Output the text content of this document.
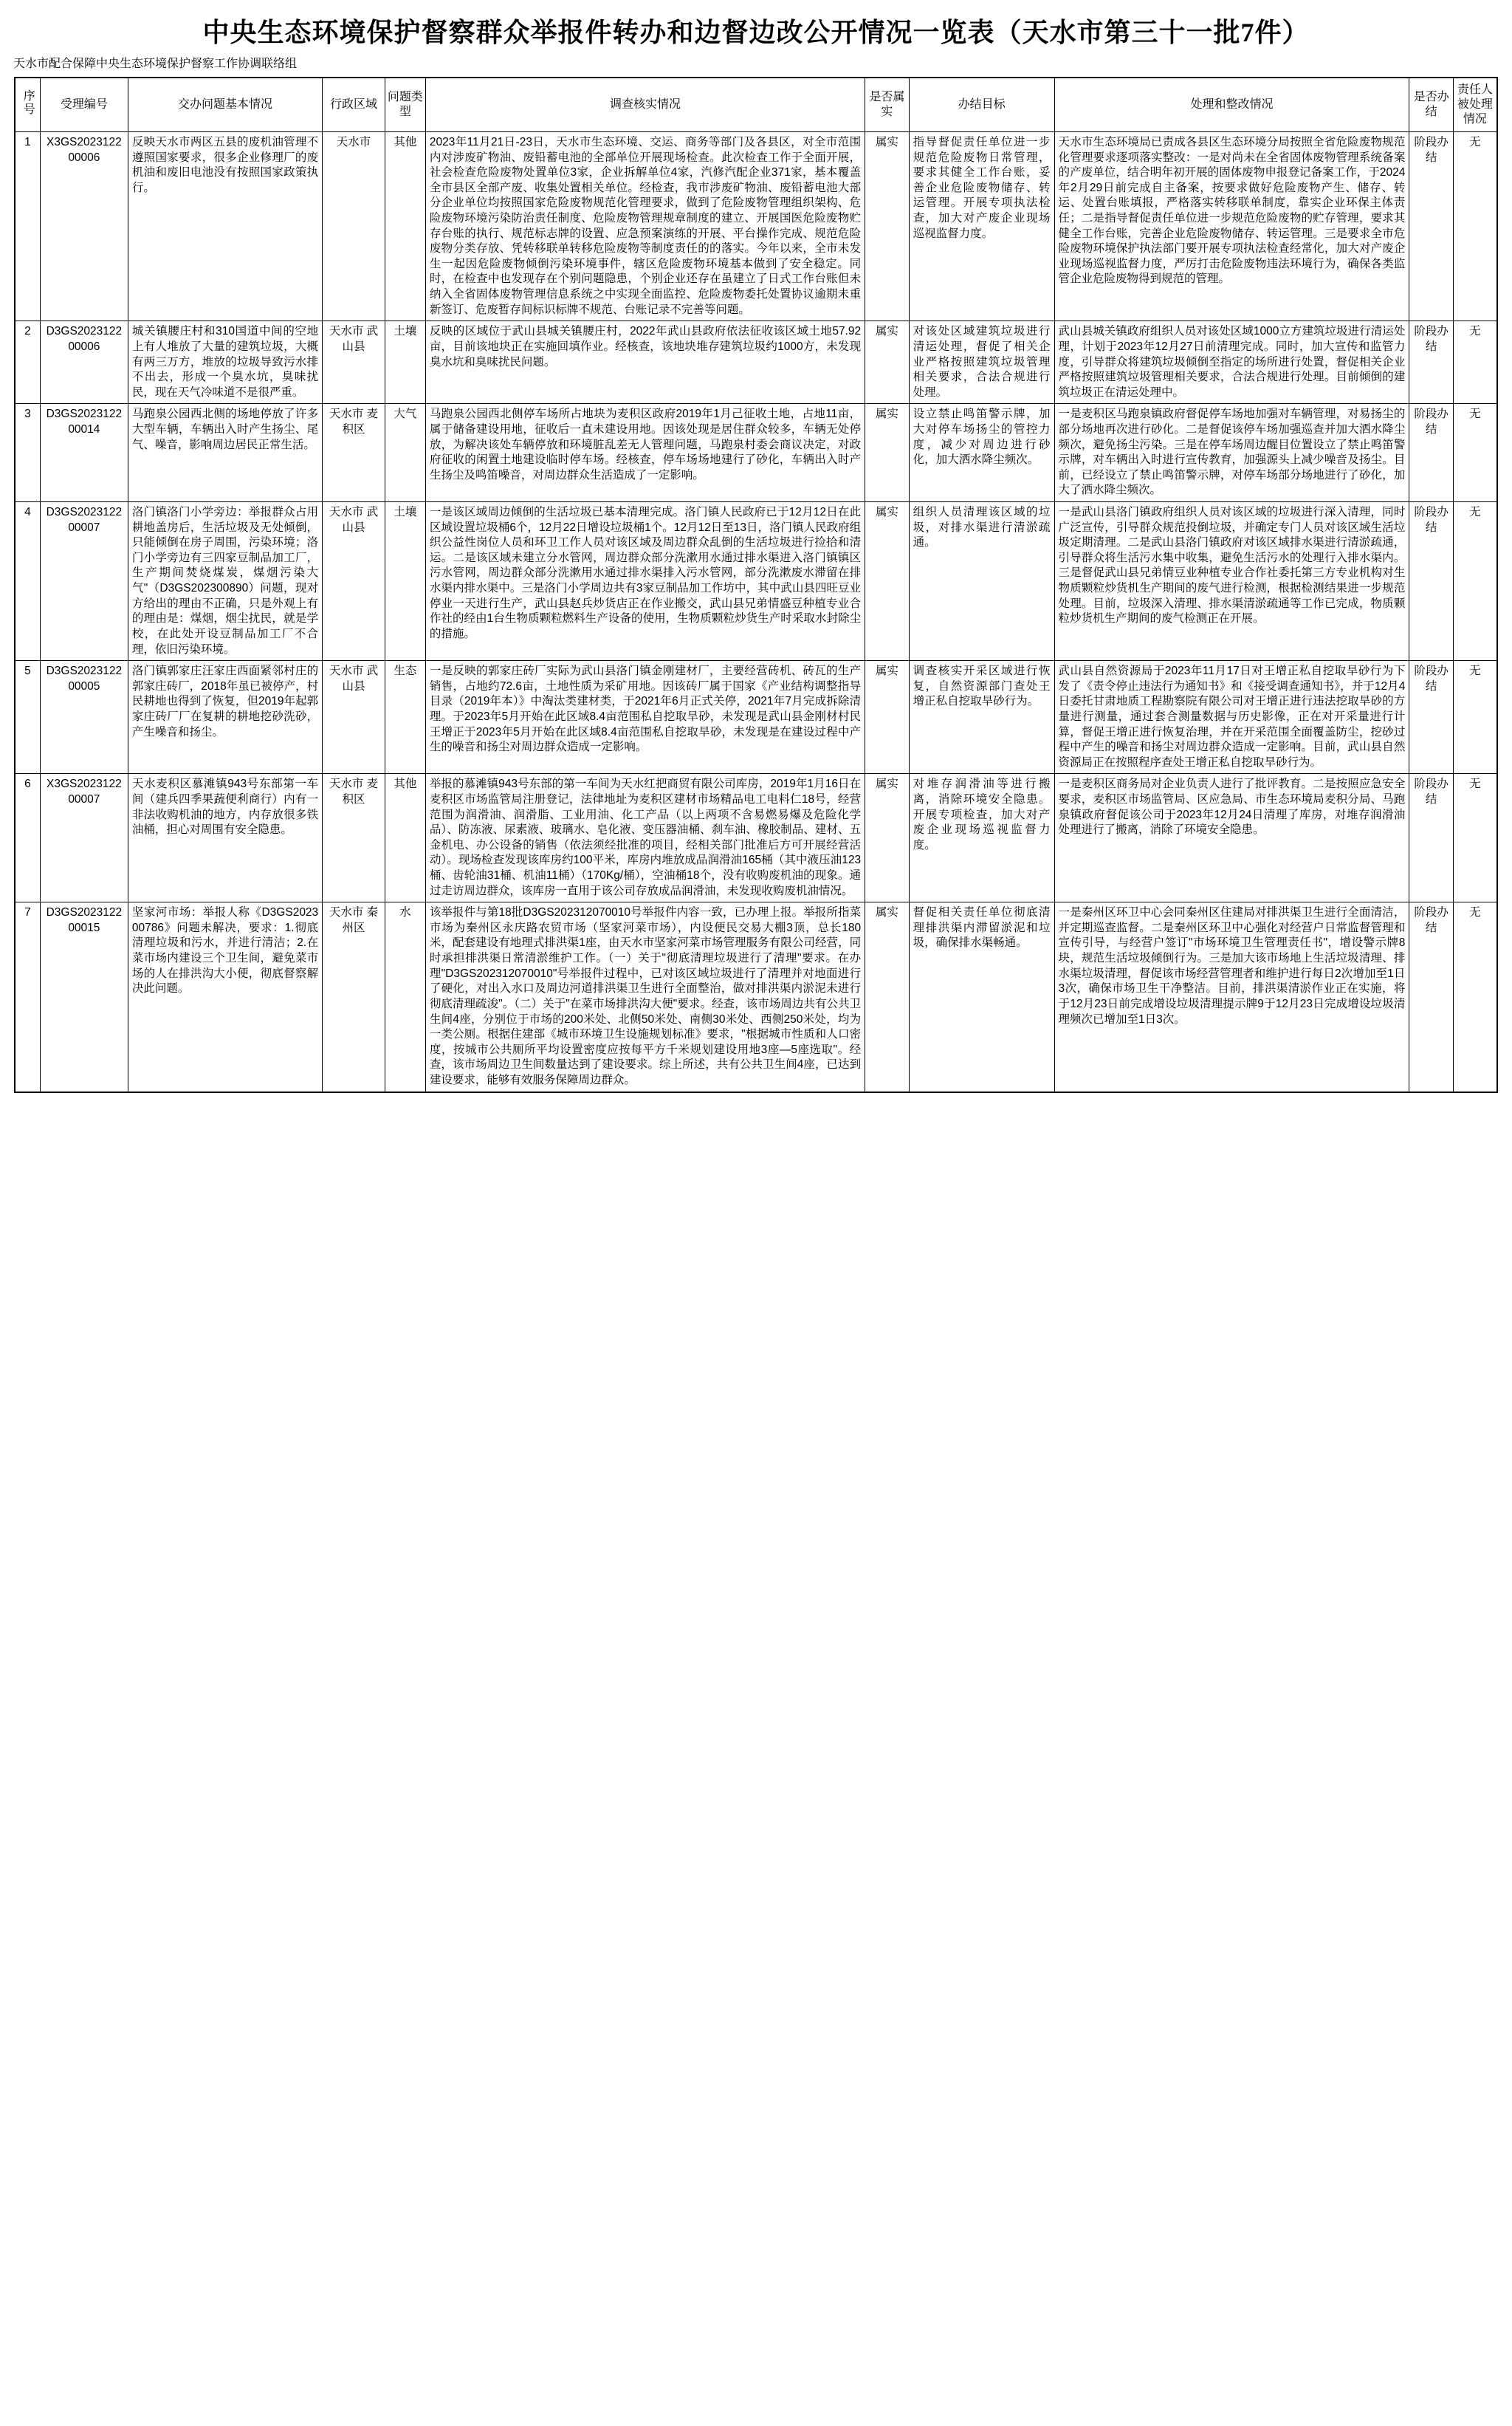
中央生态环境保护督察群众举报件转办和边督边改公开情况一览表（天水市第三十一批7件）
天水市配合保障中央生态环境保护督察工作协调联络组
序号	受理编号	交办问题基本情况	行政区域	问题类型	调查核实情况	是否属实	办结目标	处理和整改情况	是否办结	责任人被处理情况
1	X3GS202312200006	反映天水市两区五县的废机油管理不遵照国家要求，很多企业修理厂的废机油和废旧电池没有按照国家政策执行。	天水市	其他	2023年11月21日-23日，天水市生态环境、交运、商务等部门及各县区，对全市范围内对涉废矿物油、废铅蓄电池的全部单位开展现场检查。此次检查工作于全面开展，社会检查危险废物处置单位3家，企业拆解单位4家，汽修汽配企业371家，基本覆盖全市县区全部产废、收集处置相关单位。经检查，我市涉废矿物油、废铅蓄电池大部分企业单位均按照国家危险废物规范化管理要求，做到了危险废物管理组织架构、危险废物环境污染防治责任制度、危险废物管理规章制度的建立、开展国医危险废物贮存台账的执行、规范标志牌的设置、应急预案演练的开展、平台操作完成、规范危险废物分类存放、凭转移联单转移危险废物等制度责任的的落实。今年以来，全市未发生一起因危险废物倾倒污染环境事件，辖区危险废物环境基本做到了安全稳定。同时，在检查中也发现存在个别问题隐患，个别企业还存在虽建立了日式工作台账但未纳入全省固体废物管理信息系统之中实现全面监控、危险废物委托处置协议逾期未重新签订、危废暂存间标识标牌不规范、台账记录不完善等问题。	属实	指导督促责任单位进一步规范危险废物日常管理，要求其健全工作台账，妥善企业危险废物储存、转运管理。开展专项执法检查，加大对产废企业现场巡视监督力度。	天水市生态环境局已责成各县区生态环境分局按照全省危险废物规范化管理要求逐项落实整改：一是对尚未在全省固体废物管理系统备案的产废单位，结合明年初开展的固体废物申报登记备案工作，于2024年2月29日前完成自主备案，按要求做好危险废物产生、储存、转运、处置台账填报，严格落实转移联单制度，靠实企业环保主体责任；二是指导督促责任单位进一步规范危险废物的贮存管理，要求其健全工作台账，完善企业危险废物储存、转运管理。三是要求全市危险废物环境保护执法部门要开展专项执法检查经常化，加大对产废企业现场巡视监督力度，严厉打击危险废物违法环境行为，确保各类监管企业危险废物得到规范的管理。	阶段办结	无
2	D3GS202312200006	城关镇腰庄村和310国道中间的空地上有人堆放了大量的建筑垃圾，大概有两三万方，堆放的垃圾导致污水排不出去，形成一个臭水坑，臭味扰民，现在天气冷味道不是很严重。	天水市 武山县	土壤	反映的区域位于武山县城关镇腰庄村，2022年武山县政府依法征收该区域土地57.92亩，目前该地块正在实施回填作业。经核查，该地块堆存建筑垃圾约1000方，未发现臭水坑和臭味扰民问题。	属实	对该处区域建筑垃圾进行清运处理，督促了相关企业严格按照建筑垃圾管理相关要求，合法合规进行处理。	武山县城关镇政府组织人员对该处区域1000立方建筑垃圾进行清运处理，计划于2023年12月27日前清理完成。同时，加大宣传和监管力度，引导群众将建筑垃圾倾倒至指定的场所进行处置，督促相关企业严格按照建筑垃圾管理相关要求，合法合规进行处理。目前倾倒的建筑垃圾正在清运处理中。	阶段办结	无
3	D3GS202312200014	马跑泉公园西北侧的场地停放了许多大型车辆，车辆出入时产生扬尘、尾气、噪音，影响周边居民正常生活。	天水市 麦积区	大气	马跑泉公园西北侧停车场所占地块为麦积区政府2019年1月己征收土地，占地11亩，属于储备建设用地，征收后一直未建设用地。因该处现是居住群众较多，车辆无处停放，为解决该处车辆停放和环境脏乱差无人管理问题，马跑泉村委会商议决定，对政府征收的闲置土地建设临时停车场。经核查，停车场场地建行了砂化，车辆出入时产生扬尘及鸣笛噪音，对周边群众生活造成了一定影响。	属实	设立禁止鸣笛警示牌，加大对停车场扬尘的管控力度，减少对周边进行砂化，加大洒水降尘频次。	一是麦积区马跑泉镇政府督促停车场地加强对车辆管理，对易扬尘的部分场地再次进行砂化。二是督促该停车场加强巡查并加大洒水降尘频次，避免扬尘污染。三是在停车场周边醒目位置设立了禁止鸣笛警示牌，对车辆出入时进行宣传教育，加强源头上减少噪音及扬尘。目前，已经设立了禁止鸣笛警示牌，对停车场部分场地进行了砂化，加大了洒水降尘频次。	阶段办结	无
4	D3GS202312200007	洛门镇洛门小学旁边：举报群众占用耕地盖房后，生活垃圾及无处倾倒，只能倾倒在房子周围，污染环境；洛门小学旁边有三四家豆制品加工厂，生产期间焚烧煤炭，煤烟污染大气"（D3GS202300890）问题，现对方给出的理由不正确，只是外观上有的理由是：煤烟，烟尘扰民，就是学校，在此处开设豆制品加工厂不合理，依旧污染环境。	天水市 武山县	土壤	一是该区域周边倾倒的生活垃圾已基本清理完成。洛门镇人民政府已于12月12日在此区域设置垃圾桶6个，12月22日增设垃圾桶1个。12月12日至13日，洛门镇人民政府组织公益性岗位人员和环卫工作人员对该区域及周边群众乱倒的生活垃圾进行捡拾和清运。二是该区域未建立分水管网，周边群众部分洗漱用水通过排水渠进入洛门镇镇区污水管网，周边群众部分洗漱用水通过排水渠排入污水管网，部分洗漱废水滞留在排水渠内排水渠中。三是洛门小学周边共有3家豆制品加工作坊中，其中武山县四旺豆业停业一天进行生产，武山县赵兵炒货店正在作业搬交，武山县兄弟情盛豆种植专业合作社的经由1台生物质颗粒燃料生产设备的使用，生物质颗粒炒货生产时采取水封除尘的措施。	属实	组织人员清理该区域的垃圾，对排水渠进行清淤疏通。	一是武山县洛门镇政府组织人员对该区域的垃圾进行深入清理，同时广泛宣传，引导群众规范投倒垃圾，并确定专门人员对该区域生活垃圾定期清理。二是武山县洛门镇政府对该区域排水渠进行清淤疏通，引导群众将生活污水集中收集，避免生活污水的处理行入排水渠内。三是督促武山县兄弟情豆业种植专业合作社委托第三方专业机构对生物质颗粒炒货机生产期间的废气进行检测，根据检测结果进一步规范处理。目前，垃圾深入清理、排水渠清淤疏通等工作已完成，物质颗粒炒货机生产期间的废气检测正在开展。	阶段办结	无
5	D3GS202312200005	洛门镇郭家庄汪家庄西面紧邻村庄的郭家庄砖厂，2018年虽已被停产，村民耕地也得到了恢复，但2019年起郭家庄砖厂厂在复耕的耕地挖砂洗砂，产生噪音和扬尘。	天水市 武山县	生态	一是反映的郭家庄砖厂实际为武山县洛门镇金刚建材厂，主要经营砖机、砖瓦的生产销售，占地约72.6亩，土地性质为采矿用地。因该砖厂属于国家《产业结构调整指导目录（2019年本）》中淘汰类建材类，于2021年6月正式关停，2021年7月完成拆除清理。于2023年5月开始在此区域8.4亩范围私自挖取旱砂，未发现是武山县金刚材村民王增正于2023年5月开始在此区域8.4亩范围私自挖取旱砂，未发现是在建设过程中产生的噪音和扬尘对周边群众造成一定影响。	属实	调查核实开采区域进行恢复，自然资源部门查处王增正私自挖取旱砂行为。	武山县自然资源局于2023年11月17日对王增正私自挖取旱砂行为下发了《责令停止违法行为通知书》和《接受调查通知书》，并于12月4日委托甘肃地质工程勘察院有限公司对王增正进行违法挖取旱砂的方量进行测量，通过套合测量数据与历史影像，正在对开采量进行计算，督促王增正进行恢复治理，并在开采范围全面覆盖防尘，挖砂过程中产生的噪音和扬尘对周边群众造成一定影响。目前，武山县自然资源局正在按照程序查处王增正私自挖取旱砂行为。	阶段办结	无
6	X3GS202312200007	天水麦积区慕滩镇943号东部第一车间（建兵四季果蔬便利商行）内有一非法收购机油的地方，内存放很多铁油桶，担心对周围有安全隐患。	天水市 麦积区	其他	举报的慕滩镇943号东部的第一车间为天水红把商贸有限公司库房，2019年1月16日在麦积区市场监管局注册登记，法律地址为麦积区建材市场精品电工电料仁18号，经营范围为润滑油、润滑脂、工业用油、化工产品（以上两项不含易燃易爆及危险化学品）、防冻液、尿素液、玻璃水、皂化液、变压器油桶、刹车油、橡胶制品、建材、五金机电、办公设备的销售（依法须经批准的项目，经相关部门批准后方可开展经营活动）。现场检查发现该库房约100平米，库房内堆放成品润滑油165桶（其中液压油123桶、齿轮油31桶、机油11桶）（170Kg/桶），空油桶18个，没有收购废机油的现象。通过走访周边群众，该库房一直用于该公司存放成品润滑油，未发现收购废机油情况。	属实	对堆存润滑油等进行搬离，消除环境安全隐患。开展专项检查，加大对产废企业现场巡视监督力度。	一是麦积区商务局对企业负责人进行了批评教育。二是按照应急安全要求，麦积区市场监管局、区应急局、市生态环境局麦积分局、马跑泉镇政府督促该公司于2023年12月24日清理了库房，对堆存润滑油处理进行了搬离，消除了环境安全隐患。	阶段办结	无
7	D3GS202312200015	坚家河市场：举报人称《D3GS202300786》问题未解决，要求：1.彻底清理垃圾和污水，并进行清洁；2.在菜市场内建设三个卫生间，避免菜市场的人在排洪沟大小便，彻底督察解决此问题。	天水市 秦州区	水	该举报件与第18批D3GS202312070010号举报件内容一致，已办理上报。举报所指菜市场为秦州区永庆路农贸市场（坚家河菜市场），内设便民交易大棚3顶，总长180米，配套建设有地理式排洪渠1座，由天水市坚家河菜市场管理服务有限公司经营，同时承担排洪渠日常清淤维护工作。（一）关于"彻底清理垃圾进行了清理"要求。在办理"D3GS202312070010"号举报件过程中，已对该区域垃圾进行了清理并对地面进行了硬化，对出入水口及周边河道排洪渠卫生进行全面整治，做对排洪渠内淤泥未进行彻底清理疏浚"。（二）关于"在菜市场排洪沟大便"要求。经查，该市场周边共有公共卫生间4座，分别位于市场的200米处、北侧50米处、南侧30米处、西侧250米处，均为一类公厕。根据住建部《城市环境卫生设施规划标准》要求，"根据城市性质和人口密度，按城市公共厕所平均设置密度应按每平方千米规划建设用地3座—5座选取"。经查，该市场周边卫生间数量达到了建设要求。综上所述，共有公共卫生间4座，已达到建设要求，能够有效服务保障周边群众。	属实	督促相关责任单位彻底清理排洪渠内滞留淤泥和垃圾，确保排水渠畅通。	一是秦州区环卫中心会同秦州区住建局对排洪渠卫生进行全面清洁，并定期巡查监督。二是秦州区环卫中心强化对经营户日常监督管理和宣传引导，与经营户签订"市场环境卫生管理责任书"，增设警示牌8块，规范生活垃圾倾倒行为。三是加大该市场地上生活垃圾清理、排水渠垃圾清理，督促该市场经营管理者和维护进行每日2次增加至1日3次，确保市场卫生干净整洁。目前，排洪渠清淤作业正在实施，将于12月23日前完成增设垃圾清理提示牌9于12月23日完成增设垃圾清理频次已增加至1日3次。	阶段办结	无
